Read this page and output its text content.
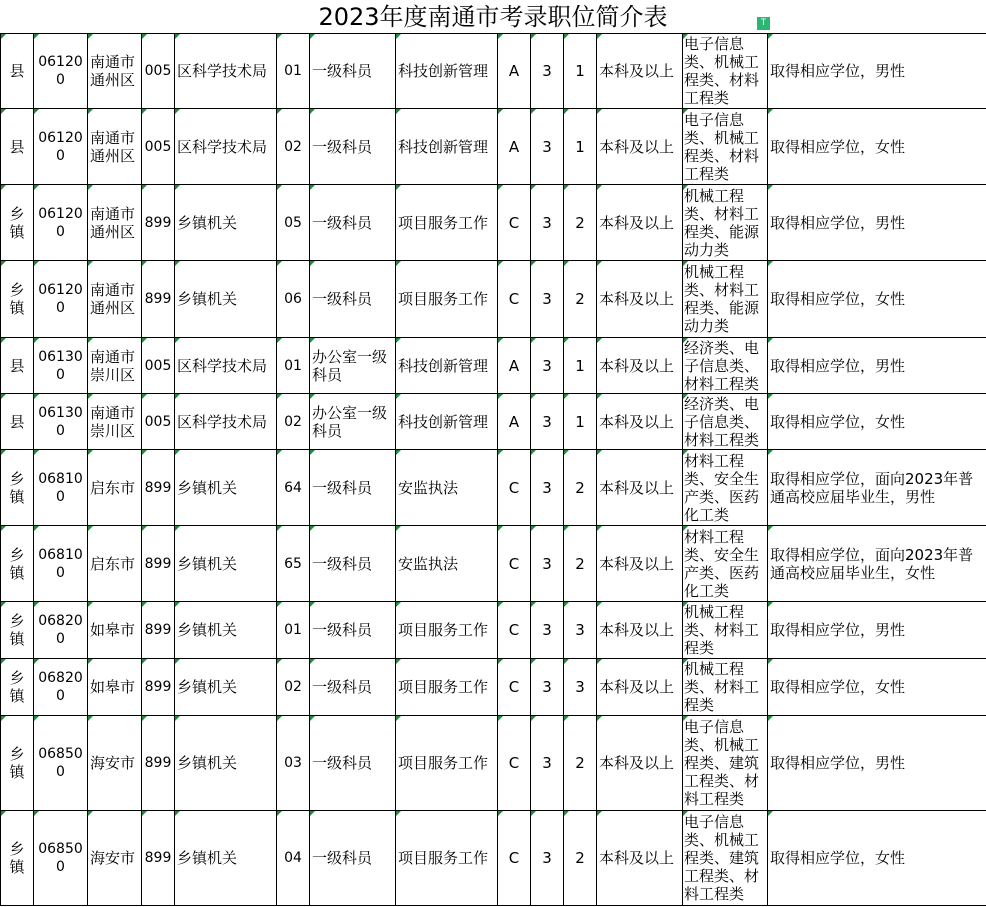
2023年度南通市考录职位简介表	T
县	061200	南通市通州区	005	区科学技术局	01	一级科员	科技创新管理	A	3	1	本科及以上	电子信息类、机械工程类、材料工程类	取得相应学位，男性
县	061200	南通市通州区	005	区科学技术局	02	一级科员	科技创新管理	A	3	1	本科及以上	电子信息类、机械工程类、材料工程类	取得相应学位，女性
乡镇	061200	南通市通州区	899	乡镇机关	05	一级科员	项目服务工作	C	3	2	本科及以上	机械工程类、材料工程类、能源动力类	取得相应学位，男性
乡镇	061200	南通市通州区	899	乡镇机关	06	一级科员	项目服务工作	C	3	2	本科及以上	机械工程类、材料工程类、能源动力类	取得相应学位，女性
县	061300	南通市崇川区	005	区科学技术局	01	办公室一级科员	科技创新管理	A	3	1	本科及以上	经济类、电子信息类、材料工程类	取得相应学位，男性
县	061300	南通市崇川区	005	区科学技术局	02	办公室一级科员	科技创新管理	A	3	1	本科及以上	经济类、电子信息类、材料工程类	取得相应学位，女性
乡镇	068100	启东市	899	乡镇机关	64	一级科员	安监执法	C	3	2	本科及以上	材料工程类、安全生产类、医药化工类	取得相应学位，面向2023年普通高校应届毕业生，男性
乡镇	068100	启东市	899	乡镇机关	65	一级科员	安监执法	C	3	2	本科及以上	材料工程类、安全生产类、医药化工类	取得相应学位，面向2023年普通高校应届毕业生，女性
乡镇	068200	如皋市	899	乡镇机关	01	一级科员	项目服务工作	C	3	3	本科及以上	机械工程类、材料工程类	取得相应学位，男性
乡镇	068200	如皋市	899	乡镇机关	02	一级科员	项目服务工作	C	3	3	本科及以上	机械工程类、材料工程类	取得相应学位，女性
乡镇	068500	海安市	899	乡镇机关	03	一级科员	项目服务工作	C	3	2	本科及以上	电子信息类、机械工程类、建筑工程类、材料工程类	取得相应学位，男性
乡镇	068500	海安市	899	乡镇机关	04	一级科员	项目服务工作	C	3	2	本科及以上	电子信息类、机械工程类、建筑工程类、材料工程类	取得相应学位，女性
